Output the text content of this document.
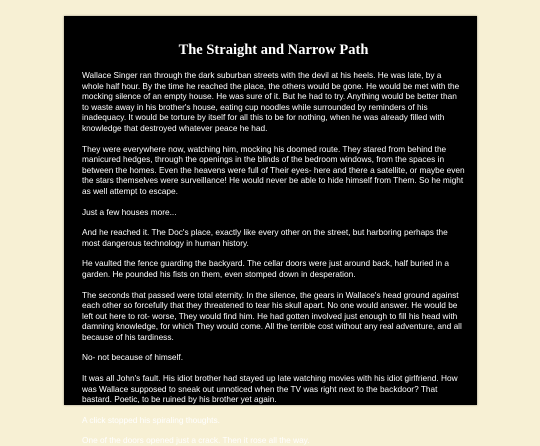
The Straight and Narrow Path

Wallace Singer ran through the dark suburban streets with the devil at his heels. He was late, by a whole half hour. By the time he reached the place, the others would be gone. He would be met with the mocking silence of an empty house. He was sure of it. But he had to try. Anything would be better than to waste away in his brother's house, eating cup noodles while surrounded by reminders of his inadequacy. It would be torture by itself for all this to be for nothing, when he was already filled with knowledge that destroyed whatever peace he had.

They were everywhere now, watching him, mocking his doomed route. They stared from behind the manicured hedges, through the openings in the blinds of the bedroom windows, from the spaces in between the homes. Even the heavens were full of Their eyes- here and there a satellite, or maybe even the stars themselves were surveillance! He would never be able to hide himself from Them. So he might as well attempt to escape.

Just a few houses more...

And he reached it. The Doc's place, exactly like every other on the street, but harboring perhaps the most dangerous technology in human history.

He vaulted the fence guarding the backyard. The cellar doors were just around back, half buried in a garden. He pounded his fists on them, even stomped down in desperation.

The seconds that passed were total eternity. In the silence, the gears in Wallace's head ground against each other so forcefully that they threatened to tear his skull apart. No one would answer. He would be left out here to rot- worse, They would find him. He had gotten involved just enough to fill his head with damning knowledge, for which They would come. All the terrible cost without any real adventure, and all because of his tardiness.

No- not because of himself.

It was all John's fault. His idiot brother had stayed up late watching movies with his idiot girlfriend. How was Wallace supposed to sneak out unnoticed when the TV was right next to the backdoor? That bastard. Poetic, to be ruined by his brother yet again.

A click stopped his spiraling thoughts.

One of the doors opened just a crack. Then it rose all the way.
